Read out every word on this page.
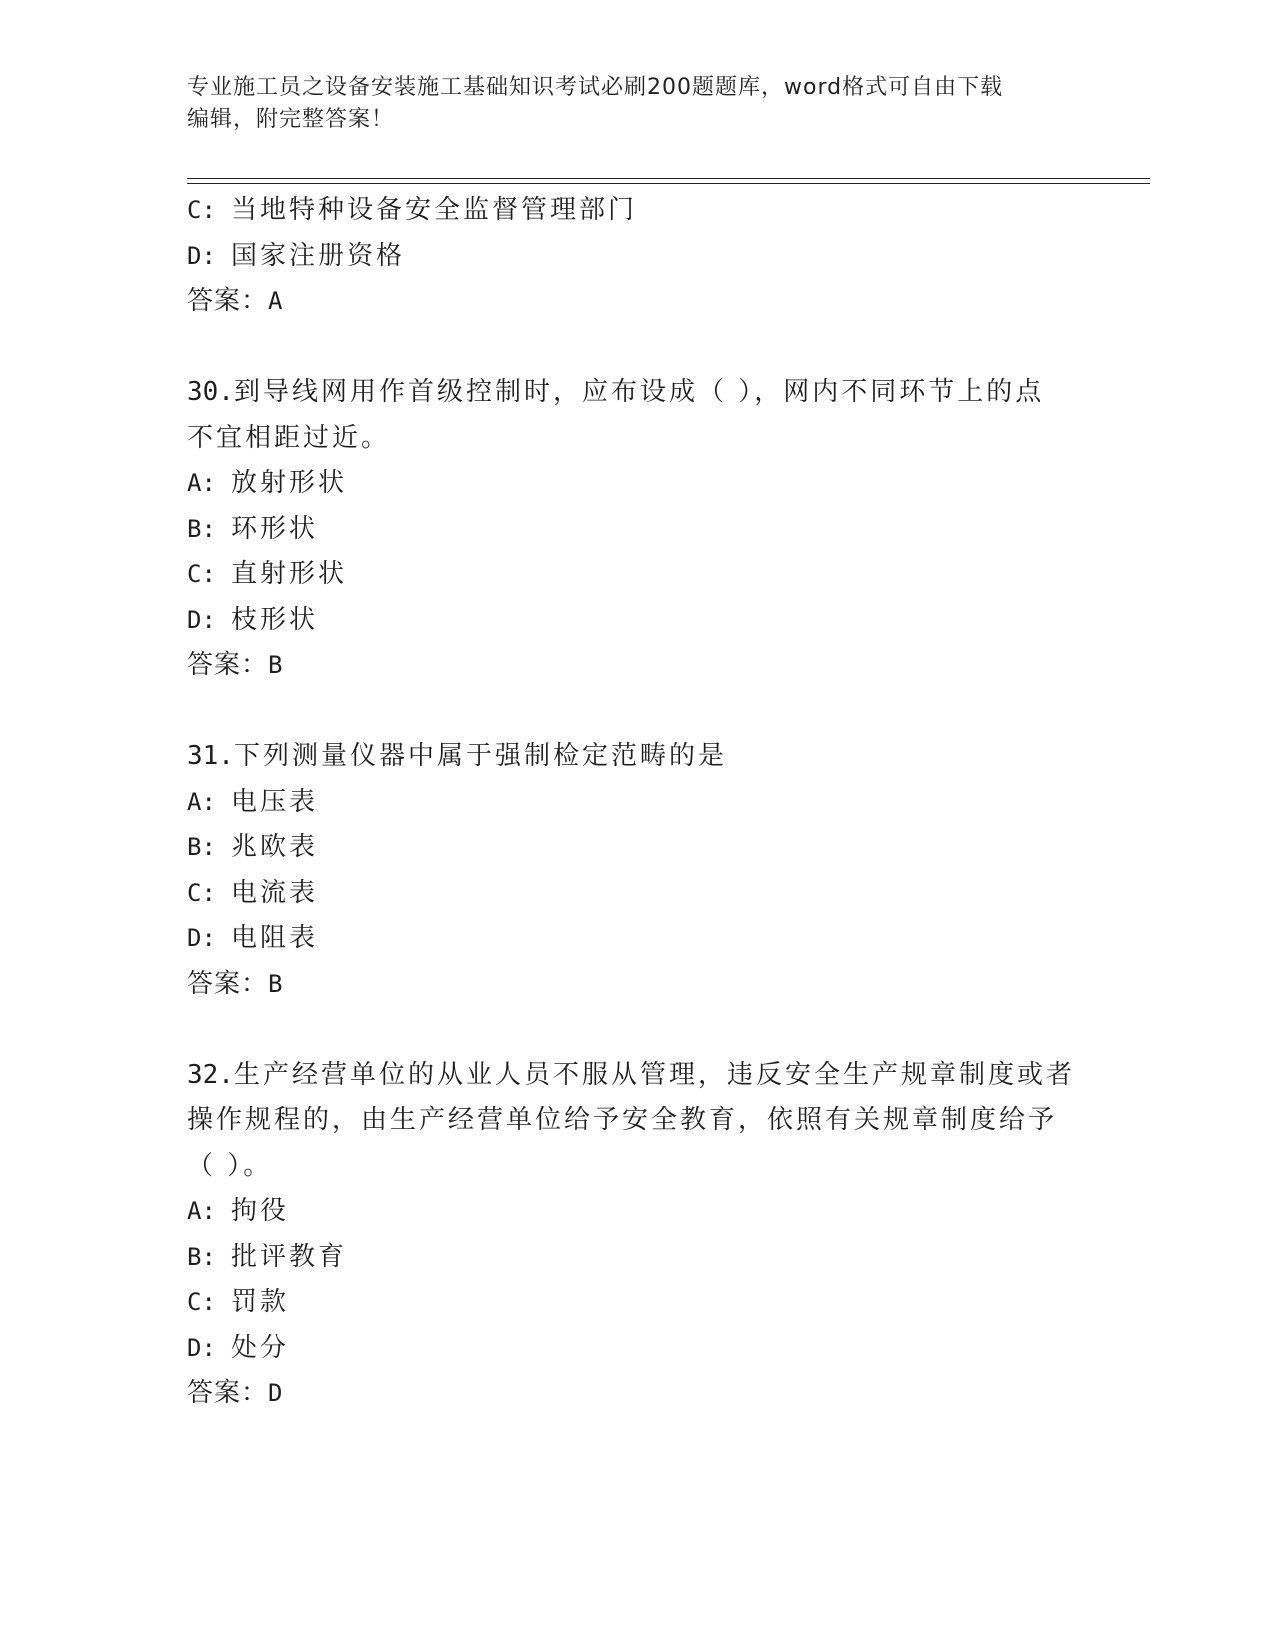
专业施工员之设备安装施工基础知识考试必刷200题题库，word格式可自由下载
编辑，附完整答案！
C: 当地特种设备安全监督管理部门
D: 国家注册资格
答案：A
30.到导线网用作首级控制时，应布设成（ ），网内不同环节上的点
不宜相距过近。
A: 放射形状
B: 环形状
C: 直射形状
D: 枝形状
答案：B
31.下列测量仪器中属于强制检定范畴的是
A: 电压表
B: 兆欧表
C: 电流表
D: 电阻表
答案：B
32.生产经营单位的从业人员不服从管理，违反安全生产规章制度或者
操作规程的，由生产经营单位给予安全教育，依照有关规章制度给予
（ ）。
A: 拘役
B: 批评教育
C: 罚款
D: 处分
答案：D
